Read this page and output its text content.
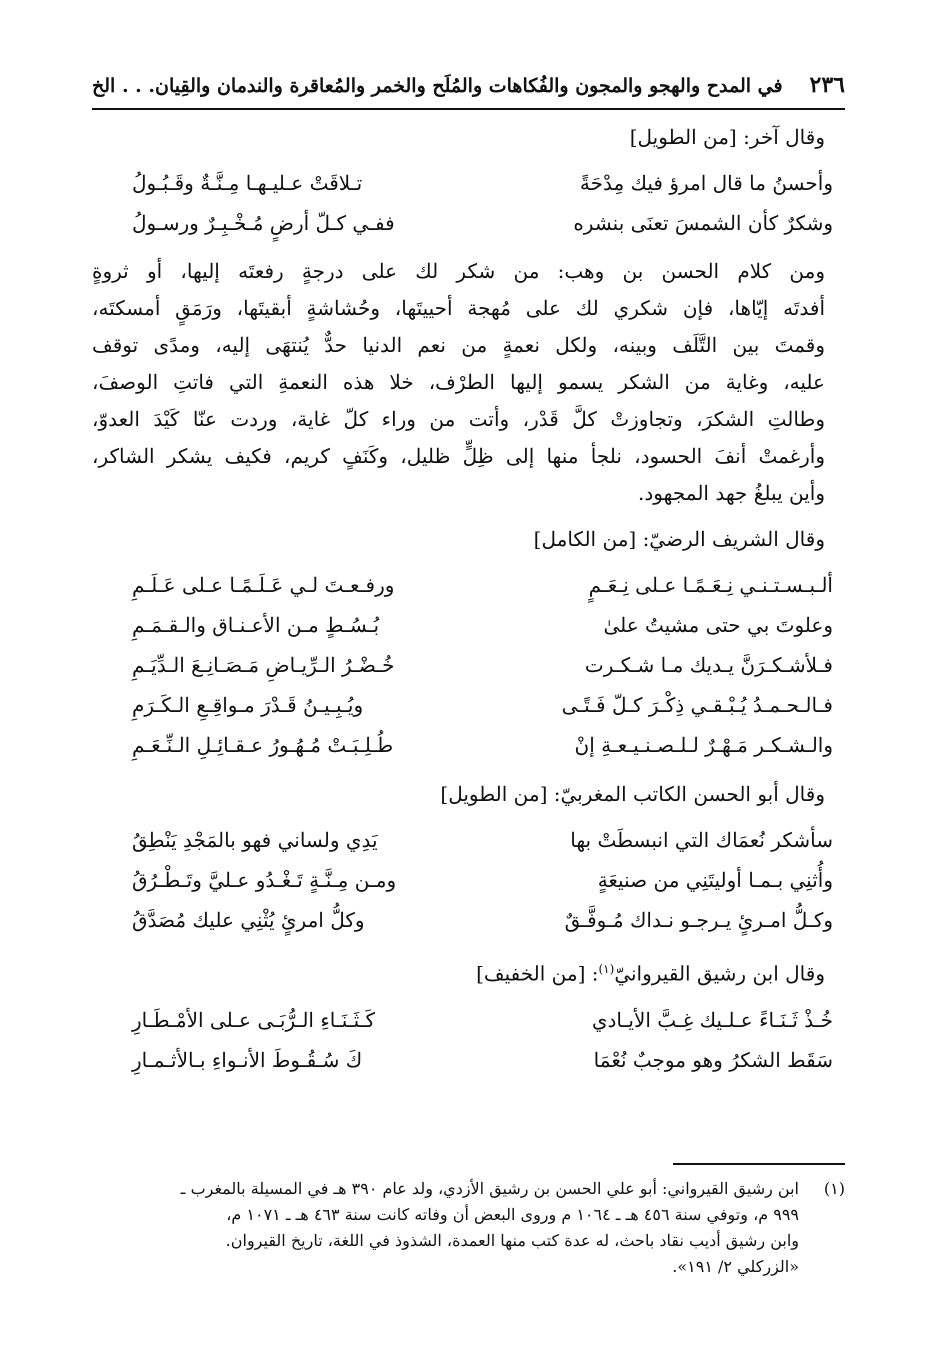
٢٣٦
في المدح والهجو والمجون والفُكاهات والمُلَح والخمر والمُعاقرة والندمان والقِيان. . . الخ
وقال آخر: [من الطويل]
وأحسنُ ما قال امرؤ فيك مِدْحَةً
تـلاقَتْ عـليـهـا مِـنَّـةٌ وقَـبُـولُ
وشكرٌ كأن الشمسَ تعنَى بنشره
ففـي كـلّ أرضٍ مُـخْـبِـرٌ ورسـولُ
ومن كلام الحسن بن وهب: من شكر لك على درجةٍ رفعتَه إليها، أو ثروةٍ
أفدتَه إيّاها، فإن شكري لك على مُهجة أحييتَها، وحُشاشةٍ أبقيتَها، ورَمَقٍ أمسكتَه،
وقمتَ بين التَّلَف وبينه، ولكل نعمةٍ من نعم الدنيا حدٌّ يُنتهَى إليه، ومدًى توقف
عليه، وغاية من الشكر يسمو إليها الطرْف، خلا هذه النعمةِ التي فاتتِ الوصفَ،
وطالتِ الشكرَ، وتجاوزتْ كلَّ قَدْر، وأتت من وراء كلّ غاية، وردت عنّا كَيْدَ العدوّ،
وأرغمتْ أنفَ الحسود، نلجأ منها إلى ظِلٍّ ظليل، وكَنَفٍ كريم، فكيف يشكر الشاكر،
وأين يبلغُ جهد المجهود.
وقال الشريف الرضيّ: [من الكامل]
ألـبـسـتـنـي نِـعَـمًـا عـلى نِـعَـمٍ
ورفـعـتَ لـي عَـلَـمًـا عـلى عَـلَـمِ
وعلوتَ بي حتى مشيتُ علىٰ
بُـسُـطٍ مـن الأعـنـاق والـقـمَـمِ
فـلأشـكـرَنَّ يـديك مـا شـكـرت
خُـضْـرُ الـرِّيـاضِ مَـصَـانِـعَ الـدِّيَـمِ
فـالـحـمـدُ يُـبْـقـي ذِكْـرَ كـلّ فَـتًـى
ويُـبِـيـنُ قَـدْرَ مـواقِـعِ الـكَـرَمِ
والـشـكـر مَـهْـرٌ لـلـصـنـيـعـةِ إنْ
طُـلِـبَـتْ مُـهُـورُ عـقـائِـلِ الـنِّـعَـمِ
وقال أبو الحسن الكاتب المغربيّ: [من الطويل]
سأشكر نُعمَاك التي انبسطَتْ بها
يَدِي ولساني فهو بالمَجْدِ يَنْطِقُ
وأُثنِي بـمـا أوليتَنِي من صنيعَةٍ
ومـن مِـنَّـةٍ تَـغْـدُو عـليَّ وتَـطْـرُقُ
وكـلُّ امـرئٍ يـرجـو نـداك مُـوفَّـقٌ
وكلُّ امرئٍ يُثْنِي عليك مُصَدَّقُ
وقال ابن رشيق القيروانيّ$^{(١)}$: [من الخفيف]
خُـذْ ثَـنَـاءً عـلـيك غِـبَّ الأيـادي
كَـثَـنَـاءِ الـرُّبَـى عـلى الأمْـطَـارِ
سَقَط الشكرُ وهو موجبٌ نُعْمَا
كَ سُـقُـوطَ الأنـواءِ بـالأثـمـارِ
(١)
ابن رشيق القيرواني: أبو علي الحسن بن رشيق الأزدي، ولد عام ٣٩٠ هـ في المسيلة بالمغرب ـ
٩٩٩ م، وتوفي سنة ٤٥٦ هـ ـ ١٠٦٤ م وروى البعض أن وفاته كانت سنة ٤٦٣ هـ ـ ١٠٧١ م،
وابن رشيق أديب نقاد باحث، له عدة كتب منها العمدة، الشذوذ في اللغة، تاريخ القيروان.
«الزركلي ٢/ ١٩١».
